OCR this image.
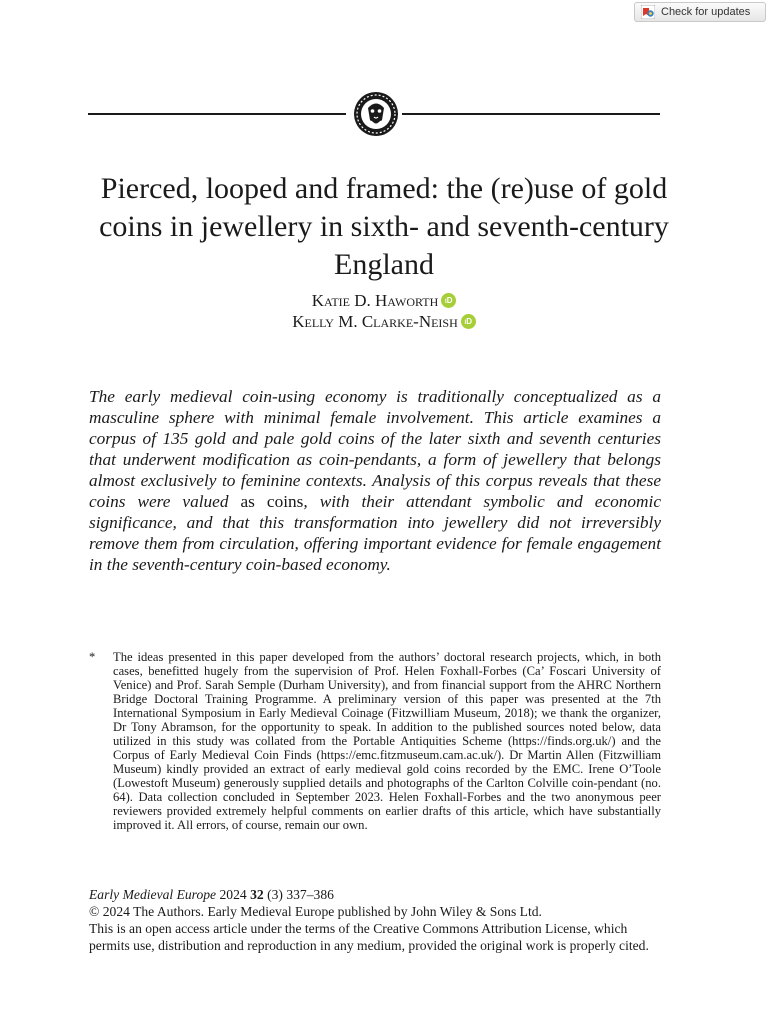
Check for updates
Pierced, looped and framed: the (re)use of gold coins in jewellery in sixth- and seventh-century England
Katie D. Haworth iD
Kelly M. Clarke-Neish iD

The early medieval coin-using economy is traditionally conceptualized as a masculine sphere with minimal female involvement. This article examines a corpus of 135 gold and pale gold coins of the later sixth and seventh centuries that underwent modification as coin-pendants, a form of jewellery that belongs almost exclusively to feminine contexts. Analysis of this corpus reveals that these coins were valued as coins, with their attendant symbolic and economic significance, and that this transformation into jewellery did not irreversibly remove them from circulation, offering important evidence for female engagement in the seventh-century coin-based economy.

* The ideas presented in this paper developed from the authors’ doctoral research projects, which, in both cases, benefitted hugely from the supervision of Prof. Helen Foxhall-Forbes (Ca’ Foscari University of Venice) and Prof. Sarah Semple (Durham University), and from financial support from the AHRC Northern Bridge Doctoral Training Programme. A preliminary version of this paper was presented at the 7th International Symposium in Early Medieval Coinage (Fitzwilliam Museum, 2018); we thank the organizer, Dr Tony Abramson, for the opportunity to speak. In addition to the published sources noted below, data utilized in this study was collated from the Portable Antiquities Scheme (https://finds.org.uk/) and the Corpus of Early Medieval Coin Finds (https://emc.fitzmuseum.cam.ac.uk/). Dr Martin Allen (Fitzwilliam Museum) kindly provided an extract of early medieval gold coins recorded by the EMC. Irene O’Toole (Lowestoft Museum) generously supplied details and photographs of the Carlton Colville coin-pendant (no. 64). Data collection concluded in September 2023. Helen Foxhall-Forbes and the two anonymous peer reviewers provided extremely helpful comments on earlier drafts of this article, which have substantially improved it. All errors, of course, remain our own.

Early Medieval Europe 2024 32 (3) 337–386

© 2024 The Authors. Early Medieval Europe published by John Wiley & Sons Ltd.

This is an open access article under the terms of the Creative Commons Attribution License, which permits use, distribution and reproduction in any medium, provided the original work is properly cited.
